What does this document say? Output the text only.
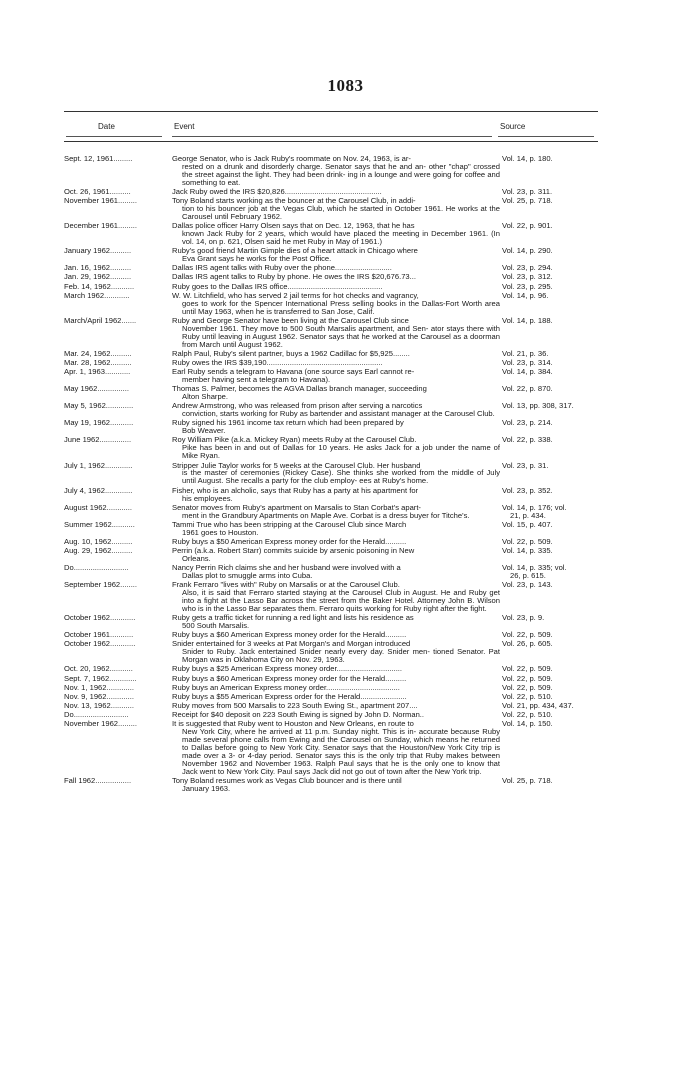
1083
Date	Event	Source
Sept. 12, 1961.........	George Senator, who is Jack Ruby's roommate on Nov. 24, 1963, is ar-
rested on a drunk and disorderly charge. Senator says that he and an- other "chap" crossed the street against the light. They had been drink- ing in a lounge and were going for coffee and something to eat.
Vol. 14, p. 180.
Oct. 26, 1961..........	Jack Ruby owed the IRS $20,826..............................................	Vol. 23, p. 311.
November 1961.........	Tony Boland starts working as the bouncer at the Carousel Club, in addi-
tion to his bouncer job at the Vegas Club, which he started in October 1961. He works at the Carousel until February 1962.
Vol. 25, p. 718.
December 1961.........	Dallas police officer Harry Olsen says that on Dec. 12, 1963, that he has
known Jack Ruby for 2 years, which would have placed the meeting in December 1961. (In vol. 14, on p. 621, Olsen said he met Ruby in May of 1961.)
Vol. 22, p. 901.
January 1962..........	Ruby's good friend Martin Gimple dies of a heart attack in Chicago where
Eva Grant says he works for the Post Office.
Vol. 14, p. 290.
Jan. 16, 1962..........	Dallas IRS agent talks with Ruby over the phone...........................	Vol. 23, p. 294.
Jan. 29, 1962..........	Dallas IRS agent talks to Ruby by phone. He owes the IRS $20,676.73...	Vol. 23, p. 312.
Feb. 14, 1962...........	Ruby goes to the Dallas IRS office.............................................	Vol. 23, p. 295.
March 1962............	W. W. Litchfield, who has served 2 jail terms for hot checks and vagrancy,
goes to work for the Spencer International Press selling books in the Dallas-Fort Worth area until May 1963, when he is transferred to San Jose, Calif.
Vol. 14, p. 96.
March/April 1962.......	Ruby and George Senator have been living at the Carousel Club since
November 1961. They move to 500 South Marsalis apartment, and Sen- ator stays there with Ruby until leaving in August 1962. Senator says that he worked at the Carousel as a doorman from March until August 1962.
Vol. 14, p. 188.
Mar. 24, 1962..........	Ralph Paul, Ruby's silent partner, buys a 1962 Cadillac for $5,925........	Vol. 21, p. 36.
Mar. 28, 1962..........	Ruby owes the IRS $39,190.......................................................	Vol. 23, p. 314.
Apr. 1, 1963............	Earl Ruby sends a telegram to Havana (one source says Earl cannot re-
member having sent a telegram to Havana).
Vol. 14, p. 384.
May 1962...............	Thomas S. Palmer, becomes the AGVA Dallas branch manager, succeeding
Alton Sharpe.
Vol. 22, p. 870.
May 5, 1962.............	Andrew Armstrong, who was released from prison after serving a narcotics
conviction, starts working for Ruby as bartender and assistant manager at the Carousel Club.
Vol. 13, pp. 308, 317.
May 19, 1962...........	Ruby signed his 1961 income tax return which had been prepared by
Bob Weaver.
Vol. 23, p. 214.
June 1962...............	Roy William Pike (a.k.a. Mickey Ryan) meets Ruby at the Carousel Club.
Pike has been in and out of Dallas for 10 years. He asks Jack for a job under the name of Mike Ryan.
Vol. 22, p. 338.
July 1, 1962.............	Stripper Julie Taylor works for 5 weeks at the Carousel Club. Her husband
is the master of ceremonies (Rickey Case). She thinks she worked from the middle of July until August. She recalls a party for the club employ- ees at Ruby's home.
Vol. 23, p. 31.
July 4, 1962.............	Fisher, who is an alcholic, says that Ruby has a party at his apartment for
his employees.
Vol. 23, p. 352.
August 1962............	Senator moves from Ruby's apartment on Marsalis to Stan Corbat's apart-
ment in the Grandbury Apartments on Maple Ave. Corbat is a dress buyer for Titche's.
Vol. 14, p. 176; vol.
21, p. 434.
Summer 1962...........	Tammi True who has been stripping at the Carousel Club since March
1961 goes to Houston.
Vol. 15, p. 407.
Aug. 10, 1962..........	Ruby buys a $50 American Express money order for the Herald..........	Vol. 22, p. 509.
Aug. 29, 1962..........	Perrin (a.k.a. Robert Starr) commits suicide by arsenic poisoning in New
Orleans.
Vol. 14, p. 335.
Do..........................	Nancy Perrin Rich claims she and her husband were involved with a
Dallas plot to smuggle arms into Cuba.
Vol. 14, p. 335; vol.
26, p. 615.
September 1962........	Frank Ferraro "lives with" Ruby on Marsalis or at the Carousel Club.
Also, it is said that Ferraro started staying at the Carousel Club in August. He and Ruby get into a fight at the Lasso Bar across the street from the Baker Hotel. Attorney John B. Wilson who is in the Lasso Bar separates them. Ferraro quits working for Ruby right after the fight.
Vol. 23, p. 143.
October 1962............	Ruby gets a traffic ticket for running a red light and lists his residence as
500 South Marsalis.
Vol. 23, p. 9.
October 1961...........	Ruby buys a $60 American Express money order for the Herald..........	Vol. 22, p. 509.
October 1962............	Snider entertained for 3 weeks at Pat Morgan's and Morgan introduced
Snider to Ruby. Jack entertained Snider nearly every day. Snider men- tioned Senator. Pat Morgan was in Oklahoma City on Nov. 29, 1963.
Vol. 26, p. 605.
Oct. 20, 1962...........	Ruby buys a $25 American Express money order...............................	Vol. 22, p. 509.
Sept. 7, 1962.............	Ruby buys a $60 American Express money order for the Herald..........	Vol. 22, p. 509.
Nov. 1, 1962.............	Ruby buys an American Express money order...................................	Vol. 22, p. 509.
Nov. 9, 1962.............	Ruby buys a $55 American Express order for the Herald......................	Vol. 22, p. 510.
Nov. 13, 1962...........	Ruby moves from 500 Marsalis to 223 South Ewing St., apartment 207....	Vol. 21, pp. 434, 437.
Do..........................	Receipt for $40 deposit on 223 South Ewing is signed by John D. Norman..	Vol. 22, p. 510.
November 1962.........	It is suggested that Ruby went to Houston and New Orleans, en route to
New York City, where he arrived at 11 p.m. Sunday night. This is in- accurate because Ruby made several phone calls from Ewing and the Carousel on Sunday, which means he returned to Dallas before going to New York City. Senator says that the Houston/New York City trip is made over a 3- or 4-day period. Senator says this is the only trip that Ruby makes between November 1962 and November 1963. Ralph Paul says that he is the only one to know that Jack went to New York City. Paul says Jack did not go out of town after the New York trip.
Vol. 14, p. 150.
Fall 1962.................	Tony Boland resumes work as Vegas Club bouncer and is there until
January 1963.
Vol. 25, p. 718.
